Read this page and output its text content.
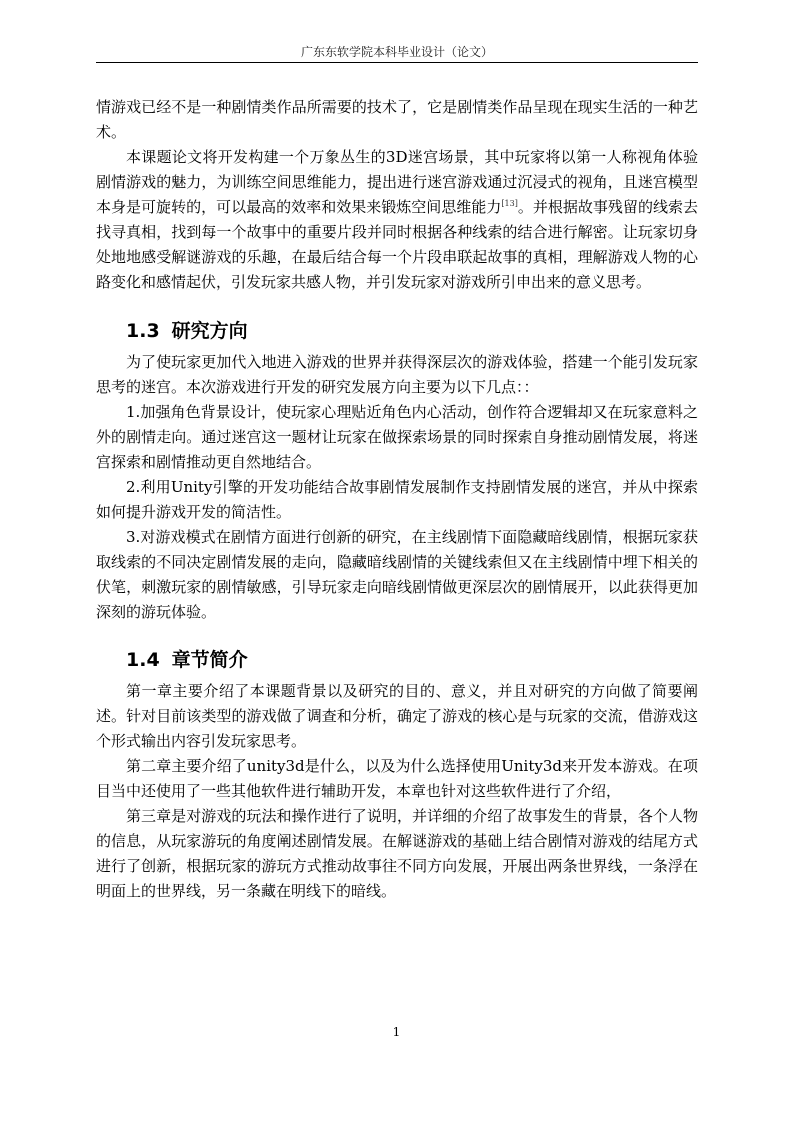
广东东软学院本科毕业设计（论文）

情游戏已经不是一种剧情类作品所需要的技术了，它是剧情类作品呈现在现实生活的一种艺术。

本课题论文将开发构建一个万象丛生的3D迷宫场景，其中玩家将以第一人称视角体验剧情游戏的魅力，为训练空间思维能力，提出进行迷宫游戏通过沉浸式的视角，且迷宫模型本身是可旋转的，可以最高的效率和效果来锻炼空间思维能力[13]。并根据故事残留的线索去找寻真相，找到每一个故事中的重要片段并同时根据各种线索的结合进行解密。让玩家切身处地地感受解谜游戏的乐趣，在最后结合每一个片段串联起故事的真相，理解游戏人物的心路变化和感情起伏，引发玩家共感人物，并引发玩家对游戏所引申出来的意义思考。

1.3 研究方向

为了使玩家更加代入地进入游戏的世界并获得深层次的游戏体验，搭建一个能引发玩家思考的迷宫。本次游戏进行开发的研究发展方向主要为以下几点：：

1.加强角色背景设计，使玩家心理贴近角色内心活动，创作符合逻辑却又在玩家意料之外的剧情走向。通过迷宫这一题材让玩家在做探索场景的同时探索自身推动剧情发展，将迷宫探索和剧情推动更自然地结合。

2.利用Unity引擎的开发功能结合故事剧情发展制作支持剧情发展的迷宫，并从中探索如何提升游戏开发的简洁性。

3.对游戏模式在剧情方面进行创新的研究，在主线剧情下面隐藏暗线剧情，根据玩家获取线索的不同决定剧情发展的走向，隐藏暗线剧情的关键线索但又在主线剧情中埋下相关的伏笔，刺激玩家的剧情敏感，引导玩家走向暗线剧情做更深层次的剧情展开，以此获得更加深刻的游玩体验。

1.4 章节简介

第一章主要介绍了本课题背景以及研究的目的、意义，并且对研究的方向做了简要阐述。针对目前该类型的游戏做了调查和分析，确定了游戏的核心是与玩家的交流，借游戏这个形式输出内容引发玩家思考。

第二章主要介绍了unity3d是什么，以及为什么选择使用Unity3d来开发本游戏。在项目当中还使用了一些其他软件进行辅助开发，本章也针对这些软件进行了介绍，

第三章是对游戏的玩法和操作进行了说明，并详细的介绍了故事发生的背景，各个人物的信息，从玩家游玩的角度阐述剧情发展。在解谜游戏的基础上结合剧情对游戏的结尾方式进行了创新，根据玩家的游玩方式推动故事往不同方向发展，开展出两条世界线，一条浮在明面上的世界线，另一条藏在明线下的暗线。

1
